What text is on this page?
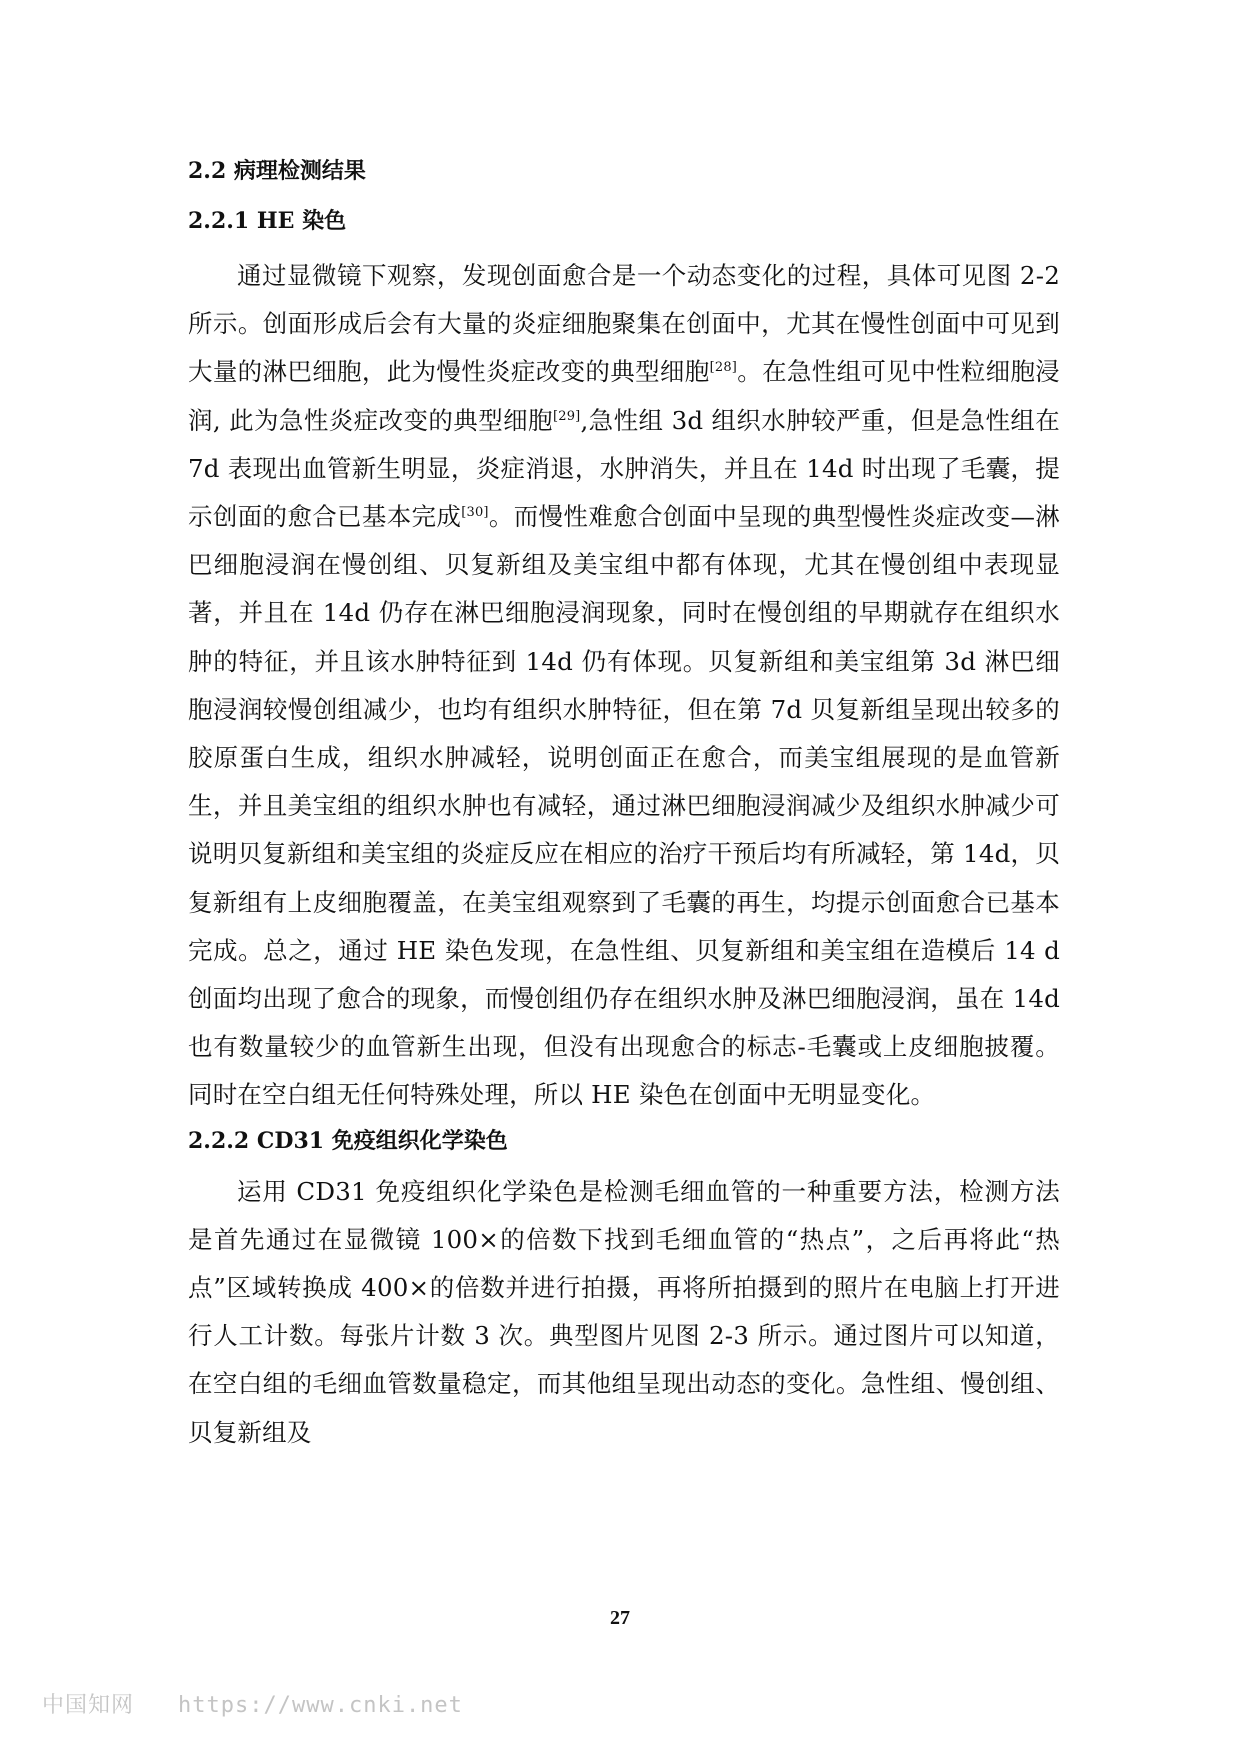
2.2 病理检测结果
2.2.1 HE 染色

通过显微镜下观察，发现创面愈合是一个动态变化的过程，具体可见图 2-2 所示。创面形成后会有大量的炎症细胞聚集在创面中，尤其在慢性创面中可见到大量的淋巴细胞，此为慢性炎症改变的典型细胞[28]。在急性组可见中性粒细胞浸润, 此为急性炎症改变的典型细胞[29],急性组 3d 组织水肿较严重，但是急性组在 7d 表现出血管新生明显，炎症消退，水肿消失，并且在 14d 时出现了毛囊，提示创面的愈合已基本完成[30]。而慢性难愈合创面中呈现的典型慢性炎症改变—淋巴细胞浸润在慢创组、贝复新组及美宝组中都有体现，尤其在慢创组中表现显著，并且在 14d 仍存在淋巴细胞浸润现象，同时在慢创组的早期就存在组织水肿的特征，并且该水肿特征到 14d 仍有体现。贝复新组和美宝组第 3d 淋巴细胞浸润较慢创组减少，也均有组织水肿特征，但在第 7d 贝复新组呈现出较多的胶原蛋白生成，组织水肿减轻，说明创面正在愈合，而美宝组展现的是血管新生，并且美宝组的组织水肿也有减轻，通过淋巴细胞浸润减少及组织水肿减少可说明贝复新组和美宝组的炎症反应在相应的治疗干预后均有所减轻，第 14d，贝复新组有上皮细胞覆盖，在美宝组观察到了毛囊的再生，均提示创面愈合已基本完成。总之，通过 HE 染色发现，在急性组、贝复新组和美宝组在造模后 14 d 创面均出现了愈合的现象，而慢创组仍存在组织水肿及淋巴细胞浸润，虽在 14d 也有数量较少的血管新生出现，但没有出现愈合的标志-毛囊或上皮细胞披覆。同时在空白组无任何特殊处理，所以 HE 染色在创面中无明显变化。

2.2.2 CD31 免疫组织化学染色

运用 CD31 免疫组织化学染色是检测毛细血管的一种重要方法，检测方法是首先通过在显微镜 100×的倍数下找到毛细血管的“热点”，之后再将此“热点”区域转换成 400×的倍数并进行拍摄，再将所拍摄到的照片在电脑上打开进行人工计数。每张片计数 3 次。典型图片见图 2-3 所示。通过图片可以知道，在空白组的毛细血管数量稳定，而其他组呈现出动态的变化。急性组、慢创组、贝复新组及

27
中国知网 https://www.cnki.net
